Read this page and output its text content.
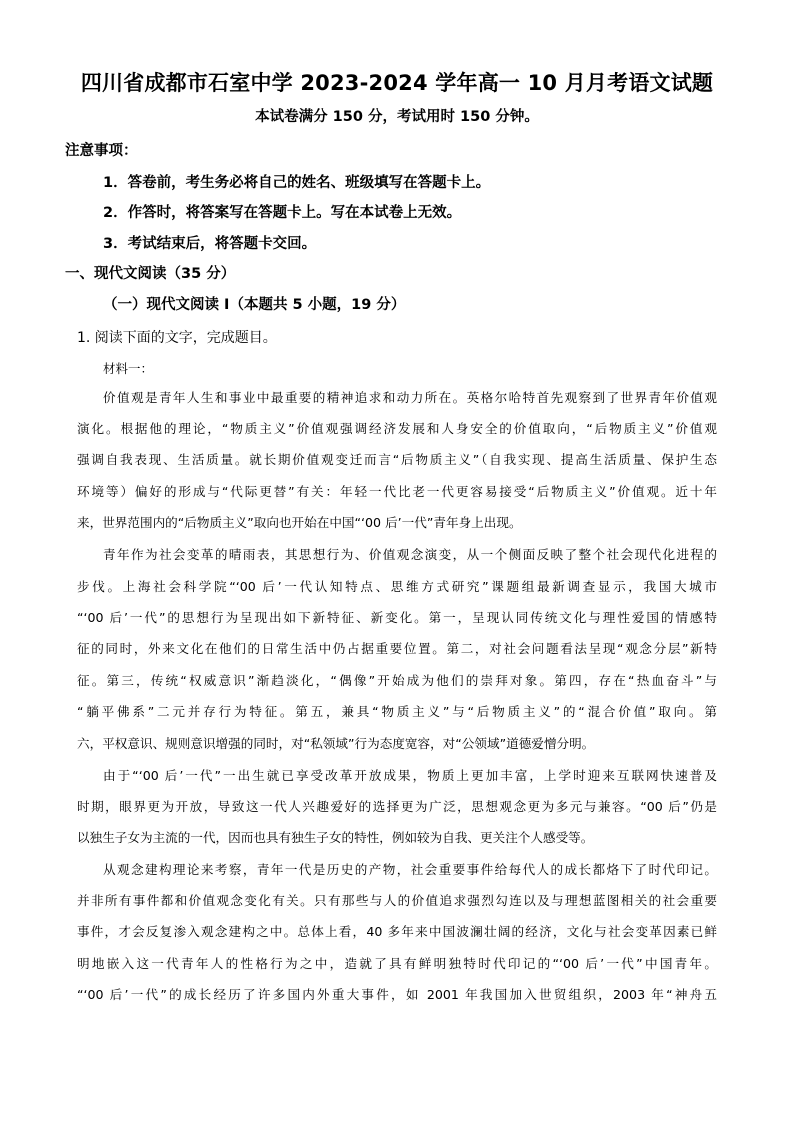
四川省成都市石室中学 2023-2024 学年高一 10 月月考语文试题
本试卷满分 150 分，考试用时 150 分钟。
注意事项：
1．答卷前，考生务必将自己的姓名、班级填写在答题卡上。
2．作答时，将答案写在答题卡上。写在本试卷上无效。
3．考试结束后，将答题卡交回。
一、现代文阅读（35 分）
（一）现代文阅读 I（本题共 5 小题，19 分）
1. 阅读下面的文字，完成题目。
材料一：
价值观是青年人生和事业中最重要的精神追求和动力所在。英格尔哈特首先观察到了世界青年价值观
演化。根据他的理论，“物质主义”价值观强调经济发展和人身安全的价值取向，“后物质主义”价值观
强调自我表现、生活质量。就长期价值观变迁而言“后物质主义”（自我实现、提高生活质量、保护生态
环境等）偏好的形成与“代际更替”有关：年轻一代比老一代更容易接受“后物质主义”价值观。近十年
来，世界范围内的“后物质主义”取向也开始在中国“‘00 后’一代”青年身上出现。
青年作为社会变革的晴雨表，其思想行为、价值观念演变，从一个侧面反映了整个社会现代化进程的
步伐。上海社会科学院“‘00 后’一代认知特点、思维方式研究”课题组最新调查显示，我国大城市
“‘00 后’一代”的思想行为呈现出如下新特征、新变化。第一，呈现认同传统文化与理性爱国的情感特
征的同时，外来文化在他们的日常生活中仍占据重要位置。第二，对社会问题看法呈现“观念分层”新特
征。第三，传统“权威意识”渐趋淡化，“偶像”开始成为他们的崇拜对象。第四，存在“热血奋斗”与
“躺平佛系”二元并存行为特征。第五，兼具“物质主义”与“后物质主义”的“混合价值”取向。第
六，平权意识、规则意识增强的同时，对“私领域”行为态度宽容，对“公领域”道德爱憎分明。
由于“‘00 后’一代”一出生就已享受改革开放成果，物质上更加丰富，上学时迎来互联网快速普及
时期，眼界更为开放，导致这一代人兴趣爱好的选择更为广泛，思想观念更为多元与兼容。“00 后”仍是
以独生子女为主流的一代，因而也具有独生子女的特性，例如较为自我、更关注个人感受等。
从观念建构理论来考察，青年一代是历史的产物，社会重要事件给每代人的成长都烙下了时代印记。
并非所有事件都和价值观念变化有关。只有那些与人的价值追求强烈勾连以及与理想蓝图相关的社会重要
事件，才会反复渗入观念建构之中。总体上看，40 多年来中国波澜壮阔的经济，文化与社会变革因素已鲜
明地嵌入这一代青年人的性格行为之中，造就了具有鲜明独特时代印记的“‘00 后’一代”中国青年。
“‘00 后’一代”的成长经历了许多国内外重大事件，如 2001 年我国加入世贸组织，2003 年“神舟五
